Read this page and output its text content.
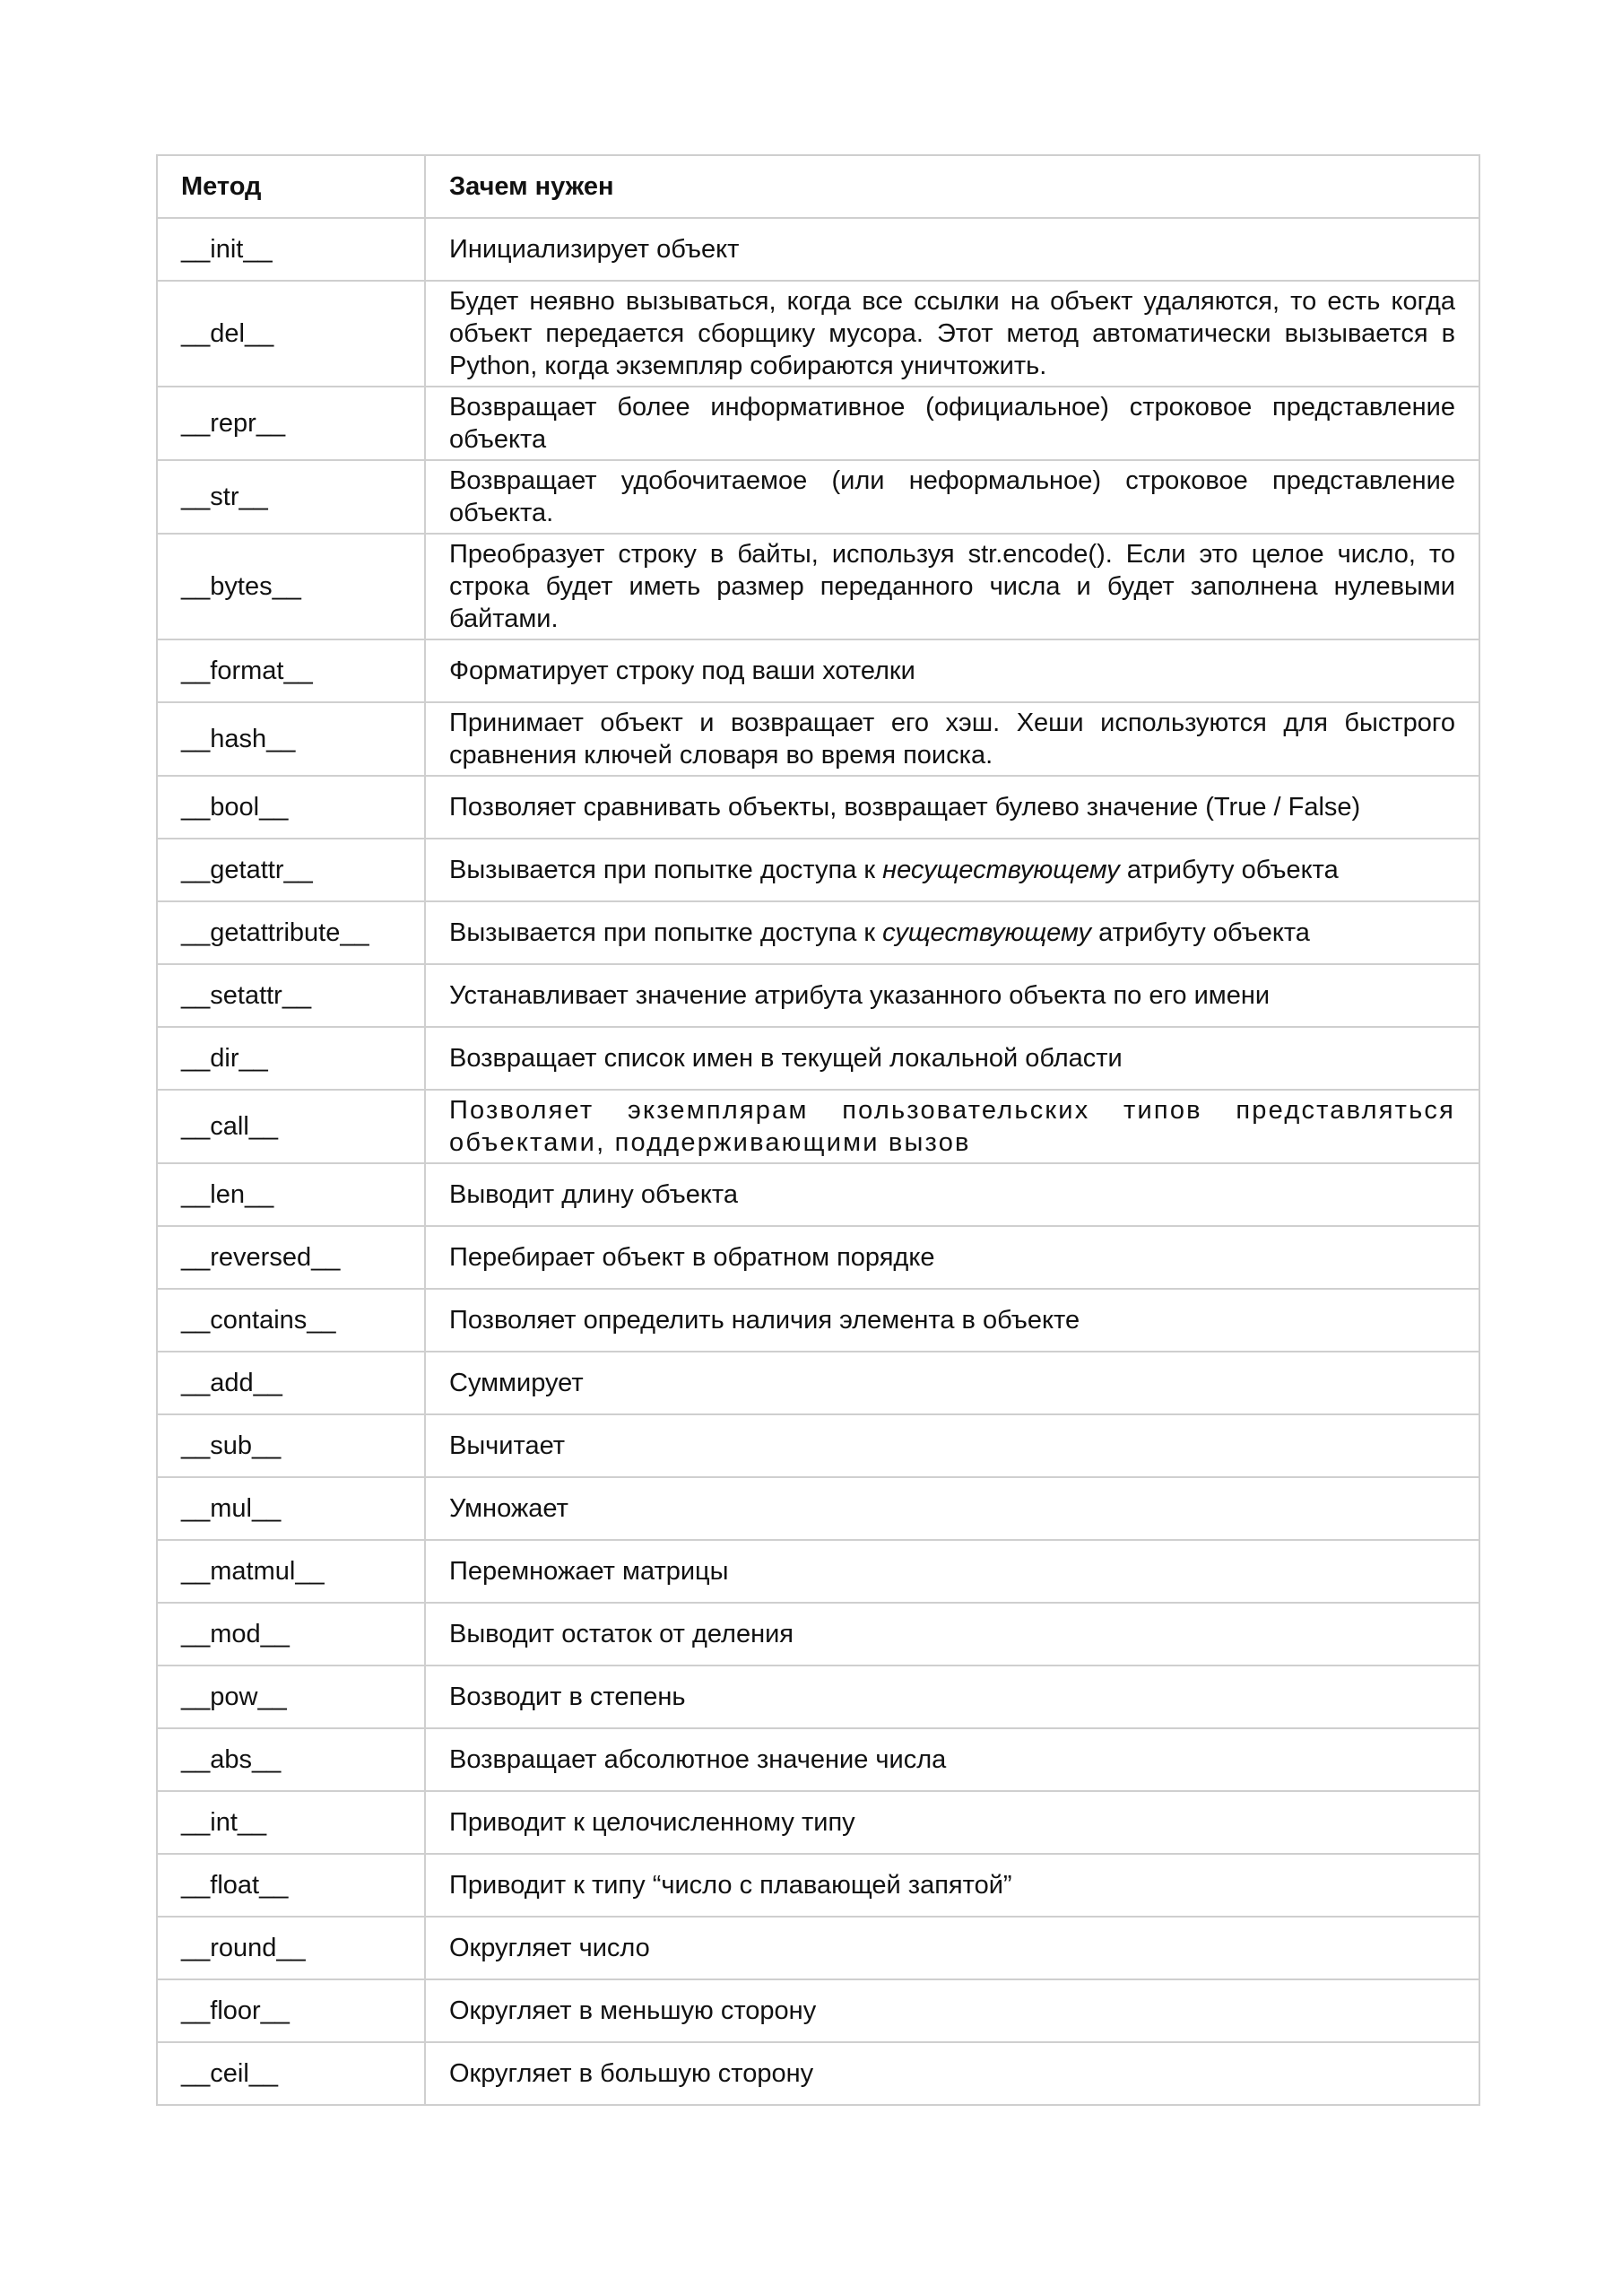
Метод	Зачем нужен
__init__	Инициализирует объект
__del__	Будет неявно вызываться, когда все ссылки на объект удаляются, то есть когда объект передается сборщику мусора. Этот метод автоматически вызывается в Python, когда экземпляр собираются уничтожить.
__repr__	Возвращает более информативное (официальное) строковое представление объекта
__str__	Возвращает удобочитаемое (или неформальное) строковое представление объекта.
__bytes__	Преобразует строку в байты, используя str.encode(). Если это целое число, то строка будет иметь размер переданного числа и будет заполнена нулевыми байтами.
__format__	Форматирует строку под ваши хотелки
__hash__	Принимает объект и возвращает его хэш. Хеши используются для быстрого сравнения ключей словаря во время поиска.
__bool__	Позволяет сравнивать объекты, возвращает булево значение (True / False)
__getattr__	Вызывается при попытке доступа к несуществующему атрибуту объекта
__getattribute__	Вызывается при попытке доступа к существующему атрибуту объекта
__setattr__	Устанавливает значение атрибута указанного объекта по его имени
__dir__	Возвращает список имен в текущей локальной области
__call__	Позволяет экземплярам пользовательских типов представляться объектами, поддерживающими вызов
__len__	Выводит длину объекта
__reversed__	Перебирает объект в обратном порядке
__contains__	Позволяет определить наличия элемента в объекте
__add__	Суммирует
__sub__	Вычитает
__mul__	Умножает
__matmul__	Перемножает матрицы
__mod__	Выводит остаток от деления
__pow__	Возводит в степень
__abs__	Возвращает абсолютное значение числа
__int__	Приводит к целочисленному типу
__float__	Приводит к типу “число с плавающей запятой”
__round__	Округляет число
__floor__	Округляет в меньшую сторону
__ceil__	Округляет в большую сторону
